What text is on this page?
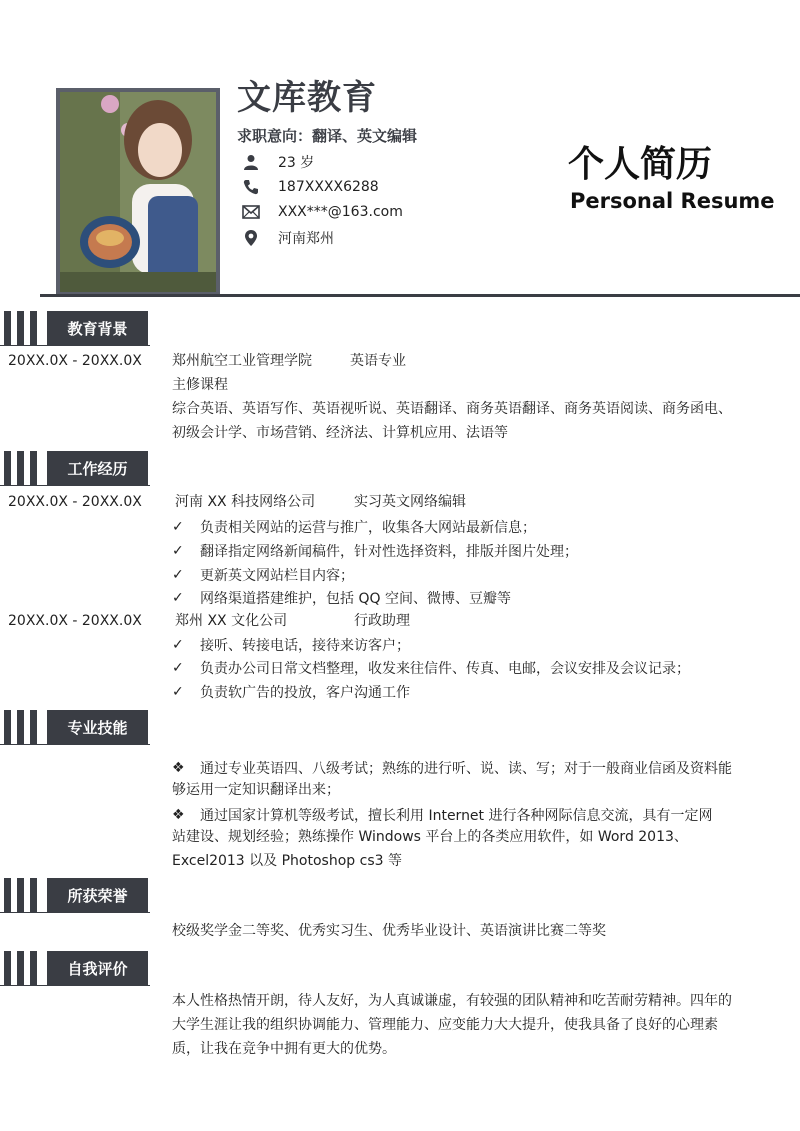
文库教育
求职意向：翻译、英文编辑
23 岁
187XXXX6288
XXX***@163.com
河南郑州
个人简历
Personal Resume
教育背景
20XX.0X - 20XX.0X 郑州航空工业管理学院	英语专业
主修课程
综合英语、英语写作、英语视听说、英语翻译、商务英语翻译、商务英语阅读、商务函电、
初级会计学、市场营销、经济法、计算机应用、法语等
工作经历
20XX.0X - 20XX.0X 河南 XX 科技网络公司	实习英文网络编辑
✓	负责相关网站的运营与推广，收集各大网站最新信息；
✓	翻译指定网络新闻稿件，针对性选择资料，排版并图片处理；
✓	更新英文网站栏目内容；
✓	网络渠道搭建维护，包括 QQ 空间、微博、豆瓣等
20XX.0X - 20XX.0X 郑州 XX 文化公司	行政助理
✓	接听、转接电话，接待来访客户；
✓	负责办公司日常文档整理，收发来往信件、传真、电邮，会议安排及会议记录；
✓	负责软广告的投放，客户沟通工作
专业技能
❖	通过专业英语四、八级考试；熟练的进行听、说、读、写；对于一般商业信函及资料能
够运用一定知识翻译出来；
❖	通过国家计算机等级考试，擅长利用 Internet 进行各种网际信息交流，具有一定网
站建设、规划经验；熟练操作 Windows 平台上的各类应用软件，如 Word 2013、
Excel2013 以及 Photoshop cs3 等
所获荣誉
校级奖学金二等奖、优秀实习生、优秀毕业设计、英语演讲比赛二等奖
自我评价
本人性格热情开朗，待人友好，为人真诚谦虚，有较强的团队精神和吃苦耐劳精神。四年的
大学生涯让我的组织协调能力、管理能力、应变能力大大提升，使我具备了良好的心理素
质，让我在竞争中拥有更大的优势。
